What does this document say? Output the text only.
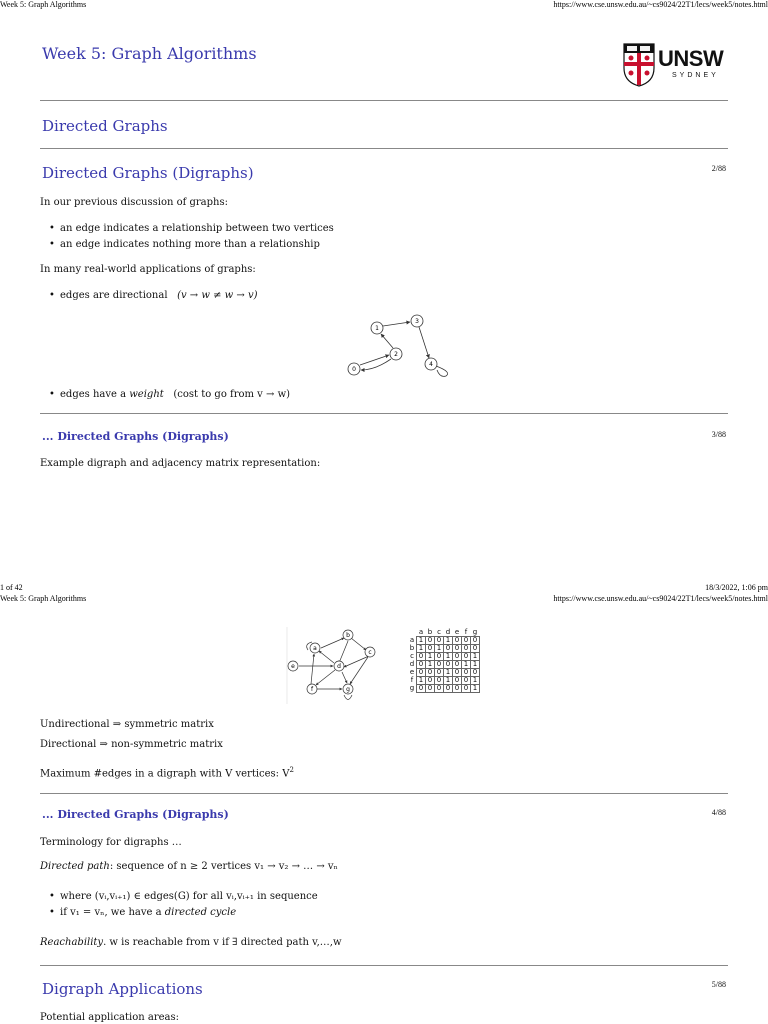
Week 5: Graph Algorithms	https://www.cse.unsw.edu.au/~cs9024/22T1/lecs/week5/notes.html
Week 5: Graph Algorithms	UNSW
SYDNEY
Directed Graphs
Directed Graphs (Digraphs)	2/88
In our previous discussion of graphs:
• an edge indicates a relationship between two vertices
• an edge indicates nothing more than a relationship
In many real-world applications of graphs:
• edges are directional (v → w ≠ w → v)
1
3
2
0
4
• edges have a weight (cost to go from v → w)
... Directed Graphs (Digraphs)	3/88
Example digraph and adjacency matrix representation:
1 of 42	18/3/2022, 1:06 pm
Week 5: Graph Algorithms	https://www.cse.unsw.edu.au/~cs9024/22T1/lecs/week5/notes.html
a
b
c
d
e
f	g
	a	b	c	d	e	f	g
a	1	0	0	1	0	0	0
b	1	0	1	0	0	0	0
c	0	1	0	1	0	0	1
d	0	1	0	0	0	1	1
e	0	0	0	1	0	0	0
f	1	0	0	1	0	0	1
g	0	0	0	0	0	0	1
Undirectional ⇒ symmetric matrix
Directional ⇒ non-symmetric matrix
Maximum #edges in a digraph with V vertices: $V^2$
... Directed Graphs (Digraphs)	4/88
Terminology for digraphs …
Directed path: sequence of n ≥ 2 vertices v₁ → v₂ → … → vₙ
• where (vᵢ,vᵢ₊₁) ∈ edges(G) for all vᵢ,vᵢ₊₁ in sequence
• if v₁ = vₙ, we have a directed cycle
Reachability. w is reachable from v if ∃ directed path v,…,w
Digraph Applications	5/88
Potential application areas:
